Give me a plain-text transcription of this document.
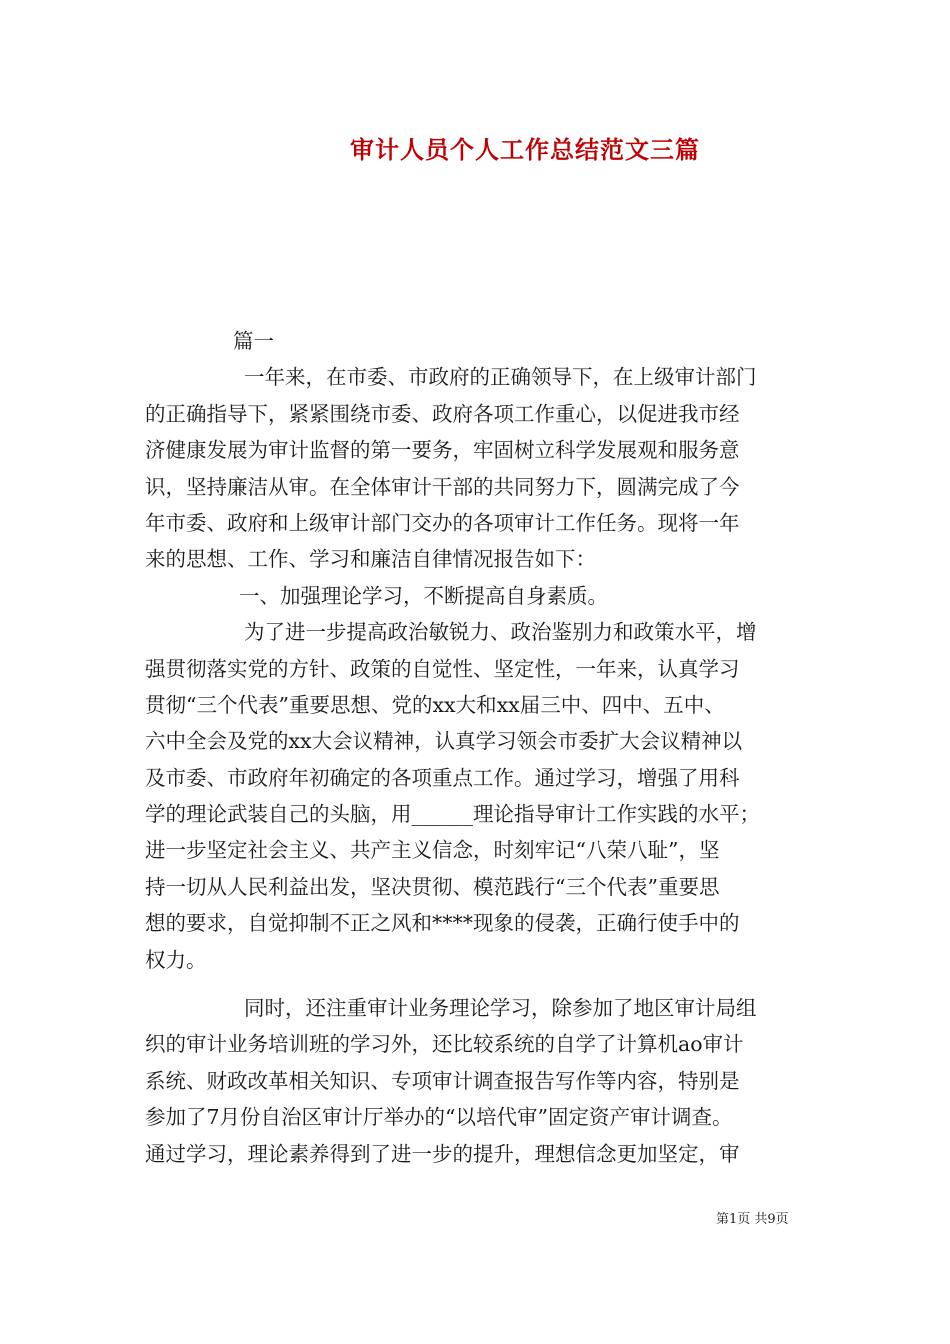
审计人员个人工作总结范文三篇
篇一
一年来，在市委、市政府的正确领导下，在上级审计部门
的正确指导下，紧紧围绕市委、政府各项工作重心，以促进我市经
济健康发展为审计监督的第一要务，牢固树立科学发展观和服务意
识，坚持廉洁从审。在全体审计干部的共同努力下，圆满完成了今
年市委、政府和上级审计部门交办的各项审计工作任务。现将一年
来的思想、工作、学习和廉洁自律情况报告如下：
一、加强理论学习，不断提高自身素质。
为了进一步提高政治敏锐力、政治鉴别力和政策水平，增
强贯彻落实党的方针、政策的自觉性、坚定性，一年来，认真学习
贯彻“三个代表”重要思想、党的xx大和xx届三中、四中、五中、
六中全会及党的xx大会议精神，认真学习领会市委扩大会议精神以
及市委、市政府年初确定的各项重点工作。通过学习，增强了用科
学的理论武装自己的头脑，用______理论指导审计工作实践的水平；
进一步坚定社会主义、共产主义信念，时刻牢记“八荣八耻”，坚
持一切从人民利益出发，坚决贯彻、模范践行“三个代表”重要思
想的要求，自觉抑制不正之风和****现象的侵袭，正确行使手中的
权力。
同时，还注重审计业务理论学习，除参加了地区审计局组
织的审计业务培训班的学习外，还比较系统的自学了计算机ao审计
系统、财政改革相关知识、专项审计调查报告写作等内容，特别是
参加了7月份自治区审计厅举办的“以培代审”固定资产审计调查。
通过学习，理论素养得到了进一步的提升，理想信念更加坚定，审
第1页 共9页
